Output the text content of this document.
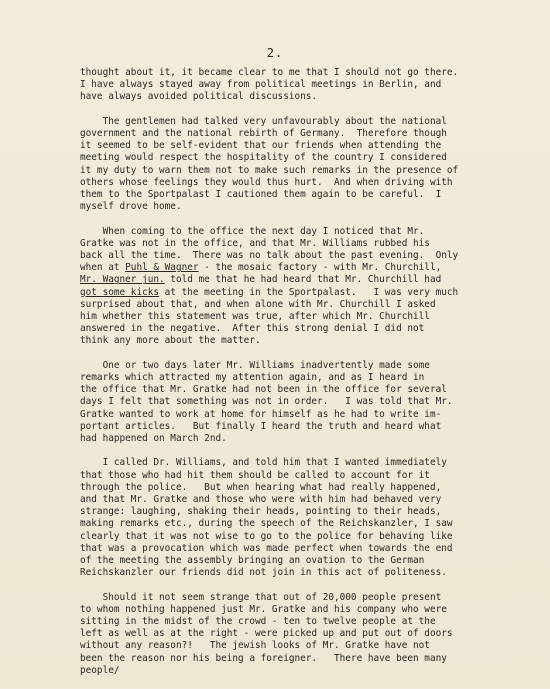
2.
thought about it, it became clear to me that I should not go there.
I have always stayed away from political meetings in Berlin, and
have always avoided political discussions.
The gentlemen had talked very unfavourably about the national
government and the national rebirth of Germany.  Therefore though
it seemed to be self-evident that our friends when attending the
meeting would respect the hospitality of the country I considered
it my duty to warn them not to make such remarks in the presence of
others whose feelings they would thus hurt.  And when driving with
them to the Sportpalast I cautioned them again to be careful.  I
myself drove home.
When coming to the office the next day I noticed that Mr.
Gratke was not in the office, and that Mr. Williams rubbed his
back all the time.  There was no talk about the past evening.  Only
when at Puhl & Wagner - the mosaic factory - with Mr. Churchill,
Mr. Wagner jun. told me that he had heard that Mr. Churchill had
got some kicks at the meeting in the Sportpalast.   I was very much
surprised about that, and when alone with Mr. Churchill I asked
him whether this statement was true, after which Mr. Churchill
answered in the negative.  After this strong denial I did not
think any more about the matter.
One or two days later Mr. Williams inadvertently made some
remarks which attracted my attention again, and as I heard in
the office that Mr. Gratke had not been in the office for several
days I felt that something was not in order.   I was told that Mr.
Gratke wanted to work at home for himself as he had to write im-
portant articles.   But finally I heard the truth and heard what
had happened on March 2nd.
I called Dr. Williams, and told him that I wanted immediately
that those who had hit them should be called to account for it
through the police.   But when hearing what had really happened,
and that Mr. Gratke and those who were with him had behaved very
strange: laughing, shaking their heads, pointing to their heads,
making remarks etc., during the speech of the Reichskanzler, I saw
clearly that it was not wise to go to the police for behaving like
that was a provocation which was made perfect when towards the end
of the meeting the assembly bringing an ovation to the German
Reichskanzler our friends did not join in this act of politeness.
Should it not seem strange that out of 20,000 people present
to whom nothing happened just Mr. Gratke and his company who were
sitting in the midst of the crowd - ten to twelve people at the
left as well as at the right - were picked up and put out of doors
without any reason?!   The jewish looks of Mr. Gratke have not
been the reason nor his being a foreigner.   There have been many
people/
